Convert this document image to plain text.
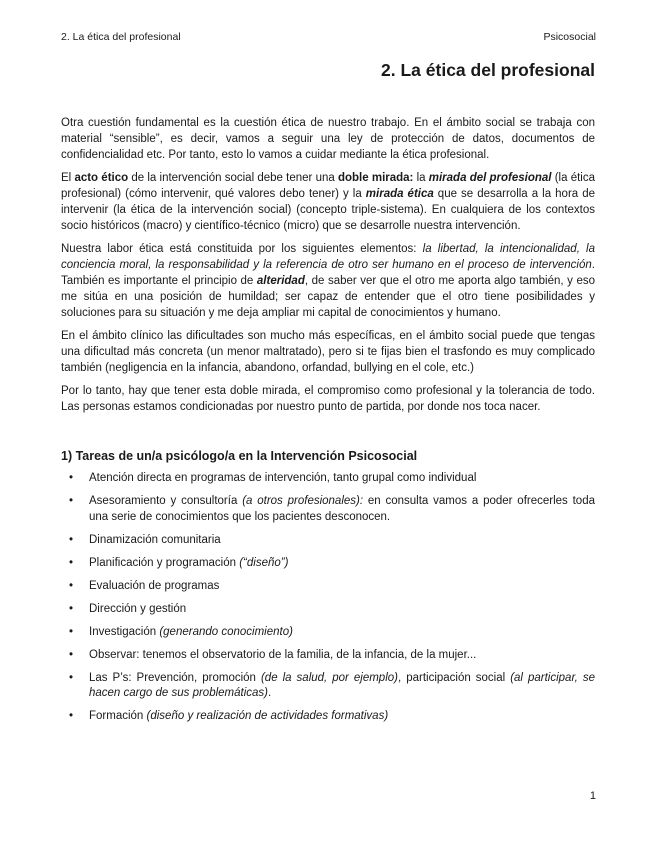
2. La ética del profesional	Psicosocial
2. La ética del profesional

Otra cuestión fundamental es la cuestión ética de nuestro trabajo. En el ámbito social se trabaja con material “sensible”, es decir, vamos a seguir una ley de protección de datos, documentos de confidencialidad etc. Por tanto, esto lo vamos a cuidar mediante la ética profesional.

El acto ético de la intervención social debe tener una doble mirada: la mirada del profesional (la ética profesional) (cómo intervenir, qué valores debo tener) y la mirada ética que se desarrolla a la hora de intervenir (la ética de la intervención social) (concepto triple-sistema). En cualquiera de los contextos socio históricos (macro) y científico-técnico (micro) que se desarrolle nuestra intervención.

Nuestra labor ética está constituida por los siguientes elementos: la libertad, la intencionalidad, la conciencia moral, la responsabilidad y la referencia de otro ser humano en el proceso de intervención. También es importante el principio de alteridad, de saber ver que el otro me aporta algo también, y eso me sitúa en una posición de humildad; ser capaz de entender que el otro tiene posibilidades y soluciones para su situación y me deja ampliar mi capital de conocimientos y humano.

En el ámbito clínico las dificultades son mucho más específicas, en el ámbito social puede que tengas una dificultad más concreta (un menor maltratado), pero si te fijas bien el trasfondo es muy complicado también (negligencia en la infancia, abandono, orfandad, bullying en el cole, etc.)

Por lo tanto, hay que tener esta doble mirada, el compromiso como profesional y la tolerancia de todo. Las personas estamos condicionadas por nuestro punto de partida, por donde nos toca nacer.

1) Tareas de un/a psicólogo/a en la Intervención Psicosocial
• Atención directa en programas de intervención, tanto grupal como individual
• Asesoramiento y consultoría (a otros profesionales): en consulta vamos a poder ofrecerles toda una serie de conocimientos que los pacientes desconocen.
• Dinamización comunitaria
• Planificación y programación (“diseño”)
• Evaluación de programas
• Dirección y gestión
• Investigación (generando conocimiento)
• Observar: tenemos el observatorio de la familia, de la infancia, de la mujer...
• Las P’s: Prevención, promoción (de la salud, por ejemplo), participación social (al participar, se hacen cargo de sus problemáticas).
• Formación (diseño y realización de actividades formativas)
1
